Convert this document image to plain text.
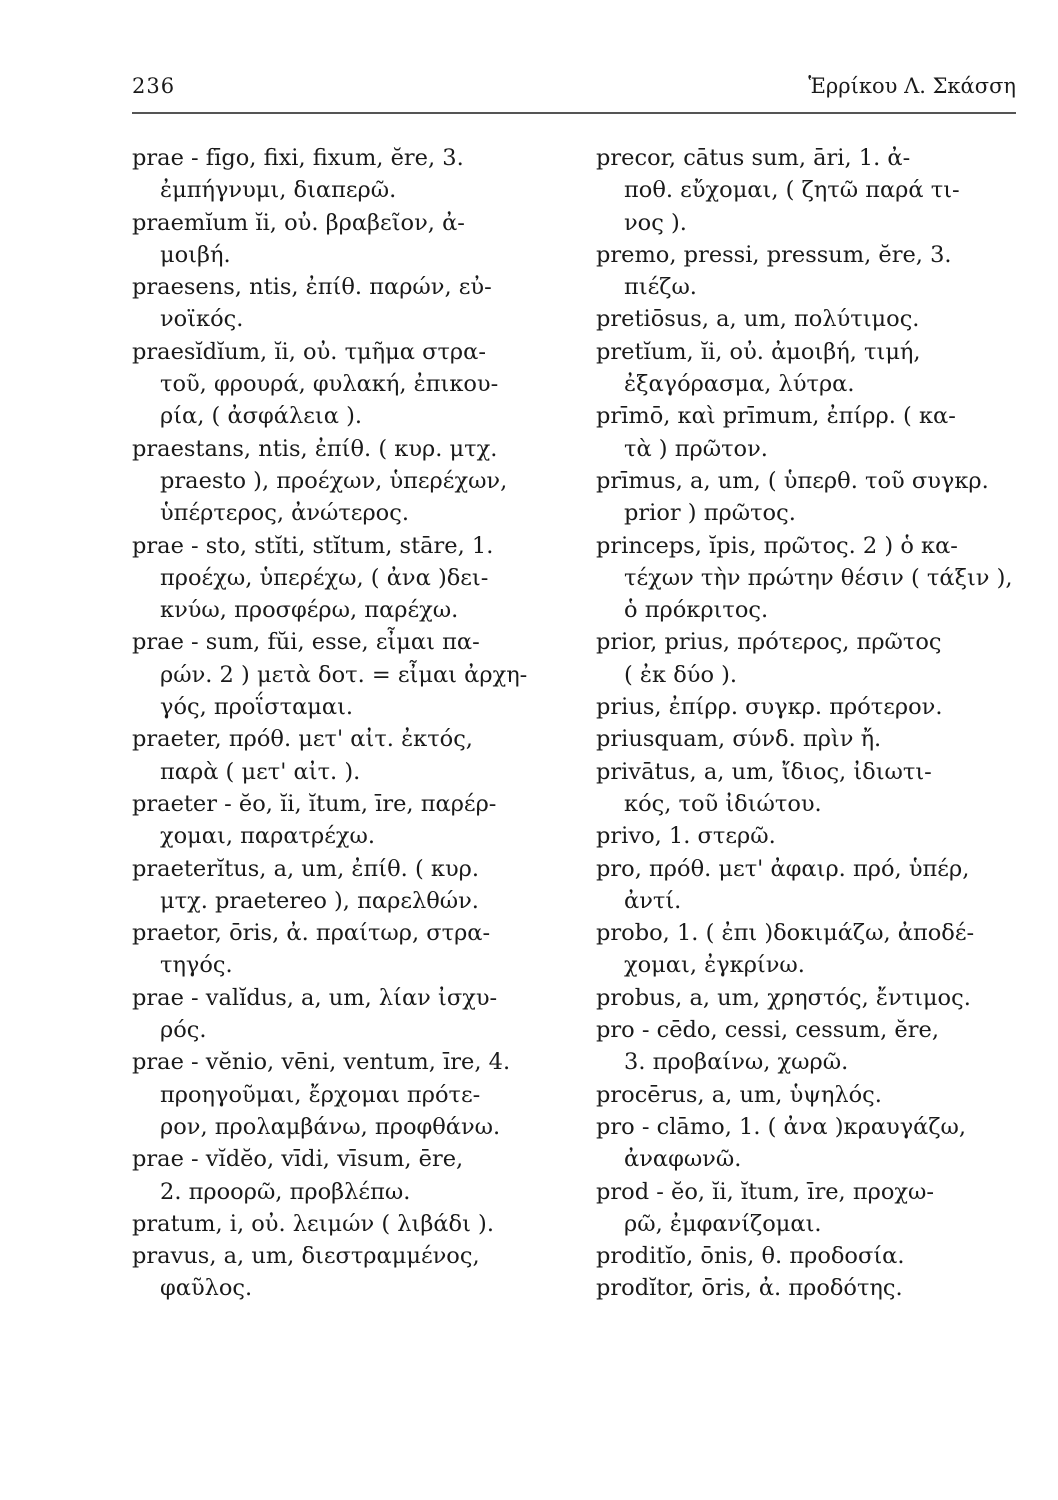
236	Ἑρρίκου Λ. Σκάσση
prae - fīgo, fixi, fixum, ĕre, 3.
ἐμπήγνυμι, διαπερῶ.
praemĭum ĭi, οὐ. βραβεῖον, ἀ-
μοιβή.
praesens, ntis, ἐπίθ. παρών, εὐ-
νοϊκός.
praesĭdĭum, ĭi, οὐ. τμῆμα στρα-
τοῦ, φρουρά, φυλακή, ἐπικου-
ρία, ( ἀσφάλεια ).
praestans, ntis, ἐπίθ. ( κυρ. μτχ.
praesto ), προέχων, ὑπερέχων,
ὑπέρτερος, ἀνώτερος.
prae - sto, stĭti, stĭtum, stāre, 1.
προέχω, ὑπερέχω, ( ἀνα )δει-
κνύω, προσφέρω, παρέχω.
prae - sum, fŭi, esse, εἶμαι πα-
ρών. 2 ) μετὰ δοτ. = εἶμαι ἀρχη-
γός, προΐσταμαι.
praeter, πρόθ. μετ' αἰτ. ἐκτός,
παρὰ ( μετ' αἰτ. ).
praeter - ĕo, ĭi, ĭtum, īre, παρέρ-
χομαι, παρατρέχω.
praeterĭtus, a, um, ἐπίθ. ( κυρ.
μτχ. praetereo ), παρελθών.
praetor, ōris, ἀ. πραίτωρ, στρα-
τηγός.
prae - valĭdus, a, um, λίαν ἰσχυ-
ρός.
prae - vĕnio, vēni, ventum, īre, 4.
προηγοῦμαι, ἔρχομαι πρότε-
ρον, προλαμβάνω, προφθάνω.
prae - vĭdĕo, vīdi, vīsum, ēre,
2. προορῶ, προβλέπω.
pratum, i, οὐ. λειμών ( λιβάδι ).
pravus, a, um, διεστραμμένος,
φαῦλος.
precor, cātus sum, āri, 1. ἀ-
ποθ. εὔχομαι, ( ζητῶ παρά τι-
νος ).
premo, pressi, pressum, ĕre, 3.
πιέζω.
pretiōsus, a, um, πολύτιμος.
pretĭum, ĭi, οὐ. ἀμοιβή, τιμή,
ἐξαγόρασμα, λύτρα.
prīmō, καὶ prīmum, ἐπίρρ. ( κα-
τὰ ) πρῶτον.
prīmus, a, um, ( ὑπερθ. τοῦ συγκρ.
prior ) πρῶτος.
princeps, ĭpis, πρῶτος. 2 ) ὁ κα-
τέχων τὴν πρώτην θέσιν ( τάξιν ),
ὁ πρόκριτος.
prior, prius, πρότερος, πρῶτος
( ἐκ δύο ).
prius, ἐπίρρ. συγκρ. πρότερον.
priusquam, σύνδ. πρὶν ἤ.
privātus, a, um, ἴδιος, ἰδιωτι-
κός, τοῦ ἰδιώτου.
privo, 1. στερῶ.
pro, πρόθ. μετ' ἀφαιρ. πρό, ὑπέρ,
ἀντί.
probo, 1. ( ἐπι )δοκιμάζω, ἀποδέ-
χομαι, ἐγκρίνω.
probus, a, um, χρηστός, ἔντιμος.
pro - cēdo, cessi, cessum, ĕre,
3. προβαίνω, χωρῶ.
procērus, a, um, ὑψηλός.
pro - clāmo, 1. ( ἀνα )κραυγάζω,
ἀναφωνῶ.
prod - ĕo, ĭi, ĭtum, īre, προχω-
ρῶ, ἐμφανίζομαι.
proditĭo, ōnis, θ. προδοσία.
prodĭtor, ōris, ἀ. προδότης.
